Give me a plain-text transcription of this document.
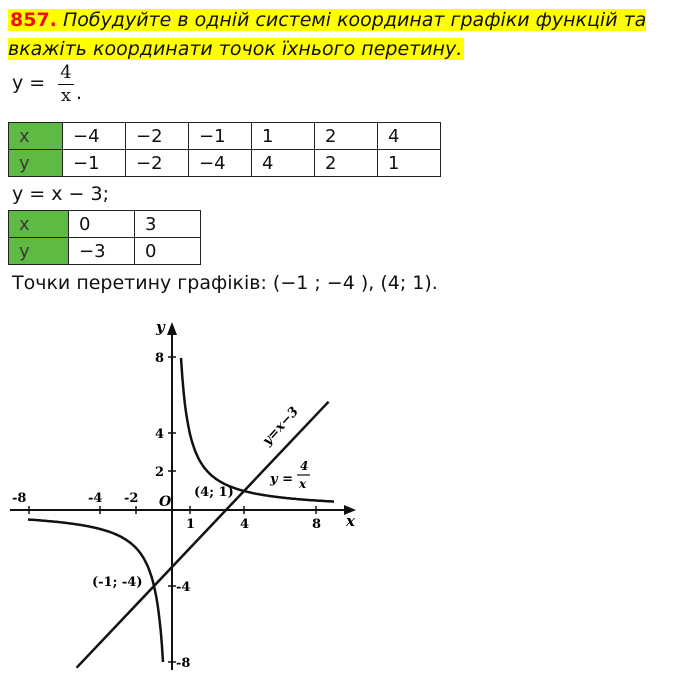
857. Побудуйте в одній системі координат графіки функцій та вкажіть координати точок їхнього перетину.
y = 4
x .
x	−4	−2	−1	1	2	4
y	−1	−2	−4	4	2	1
y = x − 3;
x	0	3
y	−3	0
Точки перетину графіків: (−1 ; −4 ), (4; 1).
x
y
O
-8	-4 -2
1	4	8
8
4
2
-4
-8
y=x−3
y =
4
x
(4; 1)
(-1; -4)
